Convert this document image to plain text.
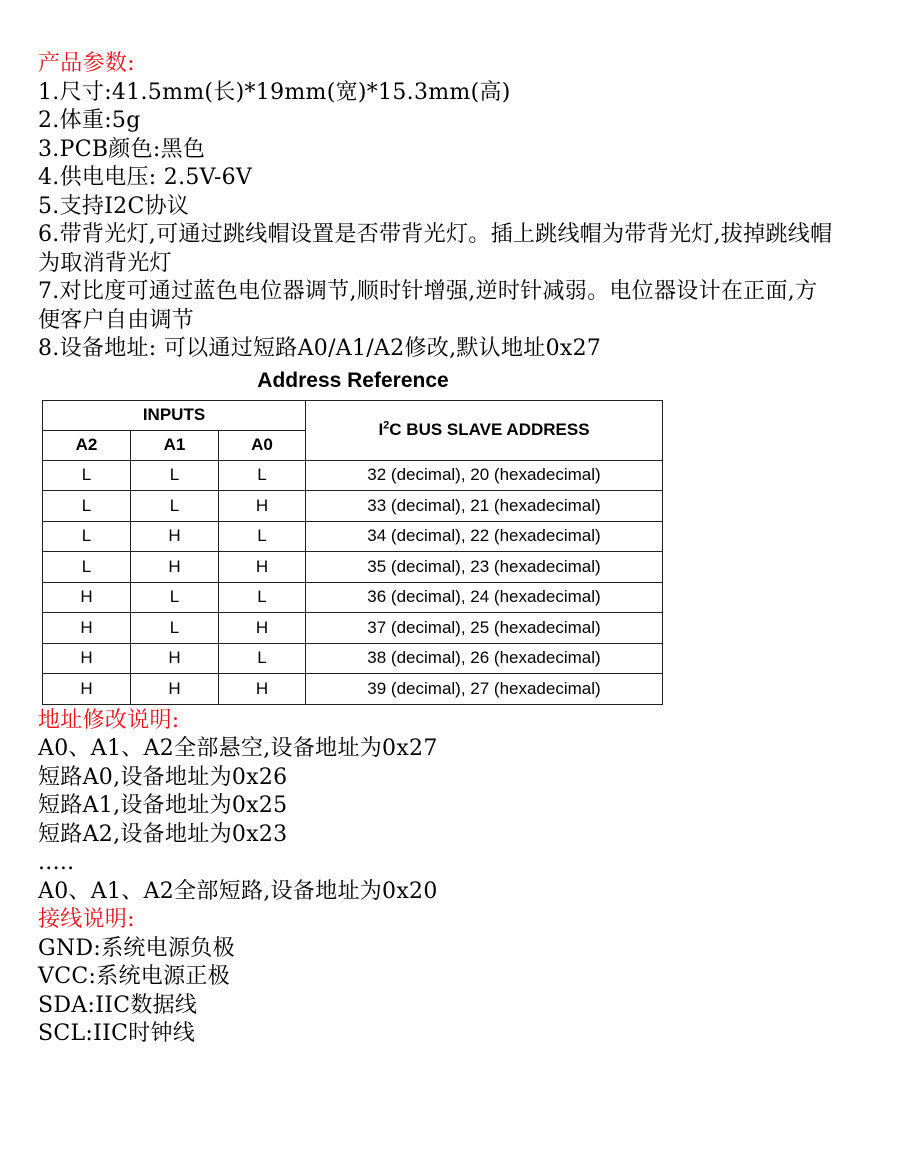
产品参数:
1.尺寸:41.5mm(长)*19mm(宽)*15.3mm(高)
2.体重:5g
3.PCB颜色:黑色
4.供电电压: 2.5V-6V
5.支持I2C协议
6.带背光灯,可通过跳线帽设置是否带背光灯。插上跳线帽为带背光灯,拔掉跳线帽为取消背光灯
7.对比度可通过蓝色电位器调节,顺时针增强,逆时针减弱。电位器设计在正面,方便客户自由调节
8.设备地址: 可以通过短路A0/A1/A2修改,默认地址0x27
Address Reference
INPUTS			$I^2C$ BUS SLAVE ADDRESS
A2	A1	A0	
L	L	L	32 (decimal), 20 (hexadecimal)
L	L	H	33 (decimal), 21 (hexadecimal)
L	H	L	34 (decimal), 22 (hexadecimal)
L	H	H	35 (decimal), 23 (hexadecimal)
H	L	L	36 (decimal), 24 (hexadecimal)
H	L	H	37 (decimal), 25 (hexadecimal)
H	H	L	38 (decimal), 26 (hexadecimal)
H	H	H	39 (decimal), 27 (hexadecimal)
地址修改说明:
A0、A1、A2全部悬空,设备地址为0x27
短路A0,设备地址为0x26
短路A1,设备地址为0x25
短路A2,设备地址为0x23
.....
A0、A1、A2全部短路,设备地址为0x20
接线说明:
GND:系统电源负极
VCC:系统电源正极
SDA:IIC数据线
SCL:IIC时钟线
